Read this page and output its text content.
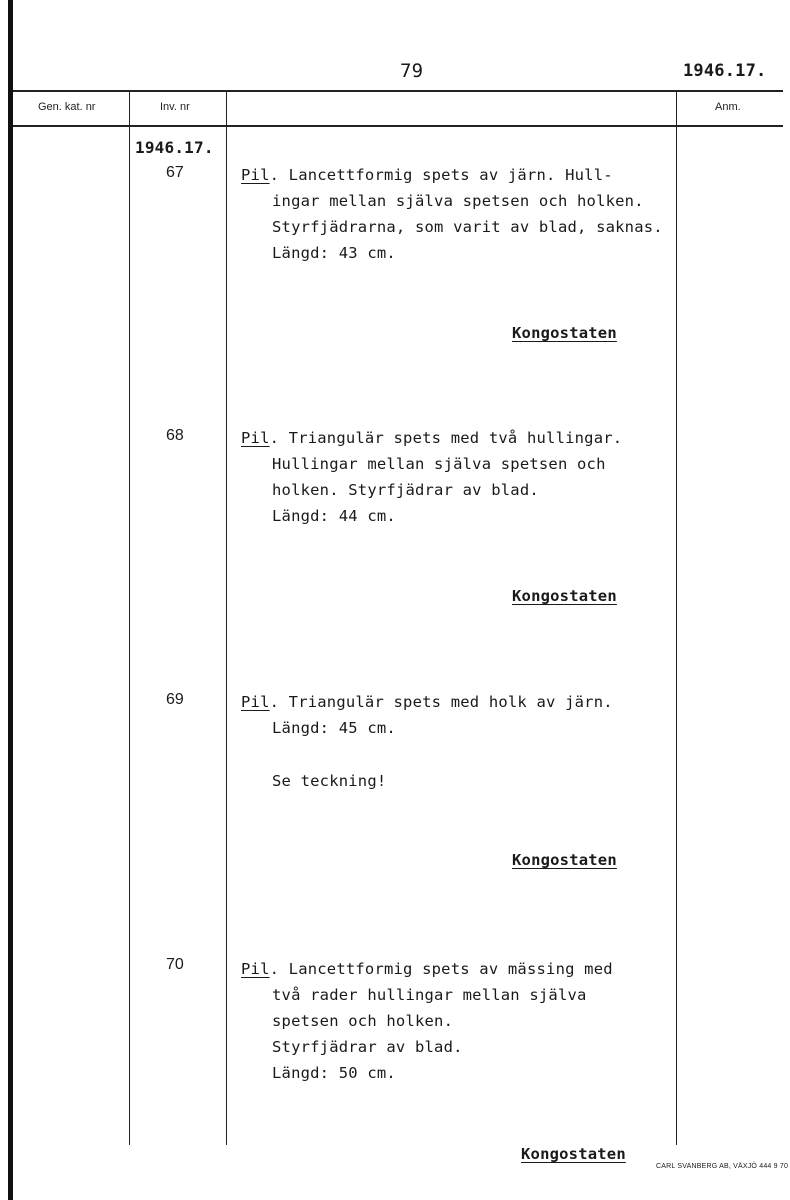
79	1946.17.
Gen. kat. nr	Inv. nr	Anm.
1946.17.
67	Pil. Lancettformig spets av järn. Hull-
ingar mellan själva spetsen och holken.
Styrfjädrarna, som varit av blad, saknas.
Längd: 43 cm.
Kongostaten
68	Pil. Triangulär spets med två hullingar.
Hullingar mellan själva spetsen och
holken. Styrfjädrar av blad.
Längd: 44 cm.
Kongostaten
69	Pil. Triangulär spets med holk av järn.
Längd: 45 cm.
Se teckning!
Kongostaten
70	Pil. Lancettformig spets av mässing med
två rader hullingar mellan själva
spetsen och holken.
Styrfjädrar av blad.
Längd: 50 cm.
Kongostaten
CARL SVANBERG AB, VÄXJÖ 444 9 70
